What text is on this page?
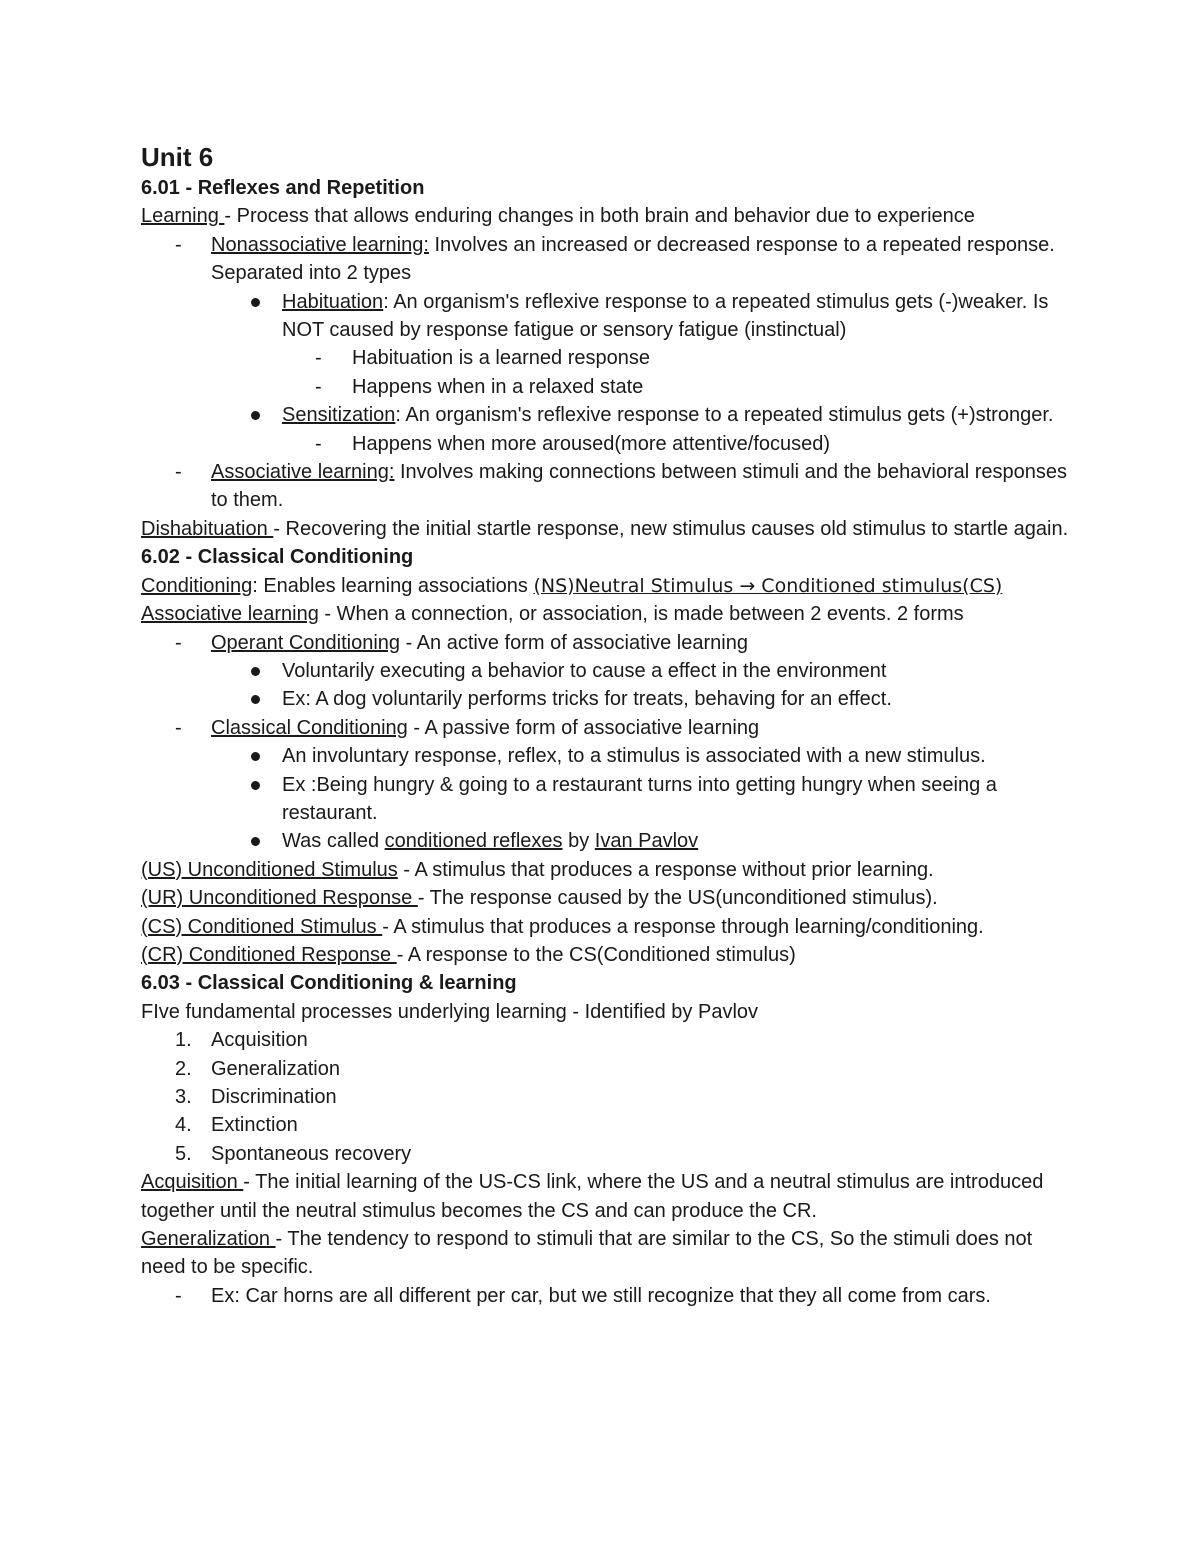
Unit 6

6.01 - Reflexes and Repetition

Learning - Process that allows enduring changes in both brain and behavior due to experience

-	Nonassociative learning: Involves an increased or decreased response to a repeated response. Separated into 2 types
Habituation: An organism's reflexive response to a repeated stimulus gets (-)weaker. Is NOT caused by response fatigue or sensory fatigue (instinctual)
-	Habituation is a learned response
-	Happens when in a relaxed state
Sensitization: An organism's reflexive response to a repeated stimulus gets (+)stronger.
-	Happens when more aroused(more attentive/focused)
-	Associative learning: Involves making connections between stimuli and the behavioral responses to them.

Dishabituation - Recovering the initial startle response, new stimulus causes old stimulus to startle again.

6.02 - Classical Conditioning

Conditioning: Enables learning associations (NS)Neutral Stimulus → Conditioned stimulus(CS)

Associative learning - When a connection, or association, is made between 2 events. 2 forms

-	Operant Conditioning - An active form of associative learning
Voluntarily executing a behavior to cause a effect in the environment
Ex: A dog voluntarily performs tricks for treats, behaving for an effect.
-	Classical Conditioning - A passive form of associative learning
An involuntary response, reflex, to a stimulus is associated with a new stimulus.
Ex :Being hungry & going to a restaurant turns into getting hungry when seeing a restaurant.
Was called conditioned reflexes by Ivan Pavlov

(US) Unconditioned Stimulus - A stimulus that produces a response without prior learning.

(UR) Unconditioned Response - The response caused by the US(unconditioned stimulus).

(CS) Conditioned Stimulus - A stimulus that produces a response through learning/conditioning.

(CR) Conditioned Response - A response to the CS(Conditioned stimulus)

6.03 - Classical Conditioning & learning

FIve fundamental processes underlying learning - Identified by Pavlov

1. Acquisition
2. Generalization
3. Discrimination
4. Extinction
5. Spontaneous recovery

Acquisition - The initial learning of the US-CS link, where the US and a neutral stimulus are introduced together until the neutral stimulus becomes the CS and can produce the CR.

Generalization - The tendency to respond to stimuli that are similar to the CS, So the stimuli does not need to be specific.

-	Ex: Car horns are all different per car, but we still recognize that they all come from cars.
